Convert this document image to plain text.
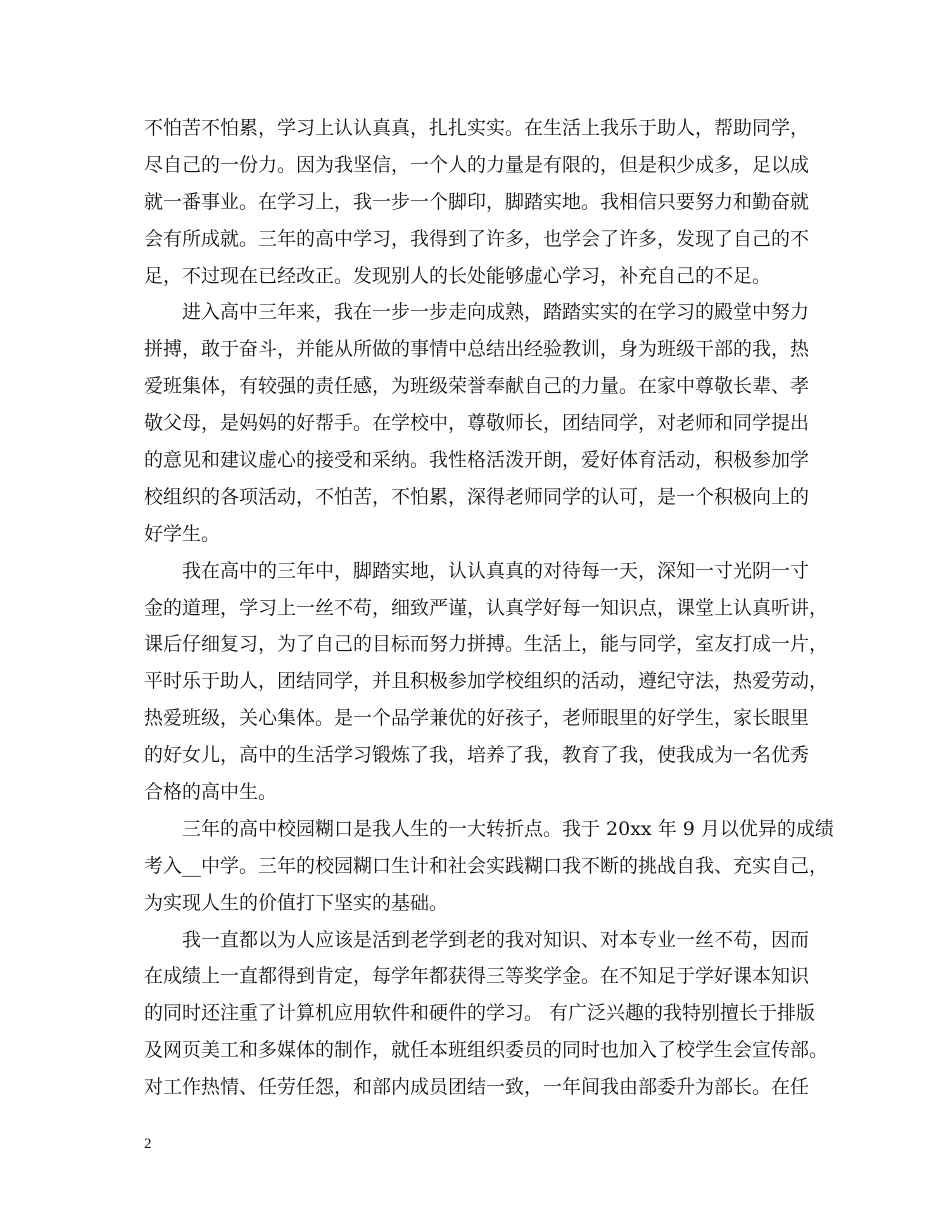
不怕苦不怕累，学习上认认真真，扎扎实实。在生活上我乐于助人，帮助同学，
尽自己的一份力。因为我坚信，一个人的力量是有限的，但是积少成多，足以成
就一番事业。在学习上，我一步一个脚印，脚踏实地。我相信只要努力和勤奋就
会有所成就。三年的高中学习，我得到了许多，也学会了许多，发现了自己的不
足，不过现在已经改正。发现别人的长处能够虚心学习，补充自己的不足。
　　进入高中三年来，我在一步一步走向成熟，踏踏实实的在学习的殿堂中努力
拼搏，敢于奋斗，并能从所做的事情中总结出经验教训，身为班级干部的我，热
爱班集体，有较强的责任感，为班级荣誉奉献自己的力量。在家中尊敬长辈、孝
敬父母，是妈妈的好帮手。在学校中，尊敬师长，团结同学，对老师和同学提出
的意见和建议虚心的接受和采纳。我性格活泼开朗，爱好体育活动，积极参加学
校组织的各项活动，不怕苦，不怕累，深得老师同学的认可，是一个积极向上的
好学生。
　　我在高中的三年中，脚踏实地，认认真真的对待每一天，深知一寸光阴一寸
金的道理，学习上一丝不苟，细致严谨，认真学好每一知识点，课堂上认真听讲，
课后仔细复习，为了自己的目标而努力拼搏。生活上，能与同学，室友打成一片，
平时乐于助人，团结同学，并且积极参加学校组织的活动，遵纪守法，热爱劳动，
热爱班级，关心集体。是一个品学兼优的好孩子，老师眼里的好学生，家长眼里
的好女儿，高中的生活学习锻炼了我，培养了我，教育了我，使我成为一名优秀
合格的高中生。
　　三年的高中校园糊口是我人生的一大转折点。我于 20xx 年 9 月以优异的成绩
考入__中学。三年的校园糊口生计和社会实践糊口我不断的挑战自我、充实自己，
为实现人生的价值打下坚实的基础。
　　我一直都以为人应该是活到老学到老的我对知识、对本专业一丝不苟，因而
在成绩上一直都得到肯定，每学年都获得三等奖学金。在不知足于学好课本知识
的同时还注重了计算机应用软件和硬件的学习。 有广泛兴趣的我特别擅长于排版
及网页美工和多媒体的制作，就任本班组织委员的同时也加入了校学生会宣传部。
对工作热情、任劳任怨，和部内成员团结一致，一年间我由部委升为部长。在任
2
